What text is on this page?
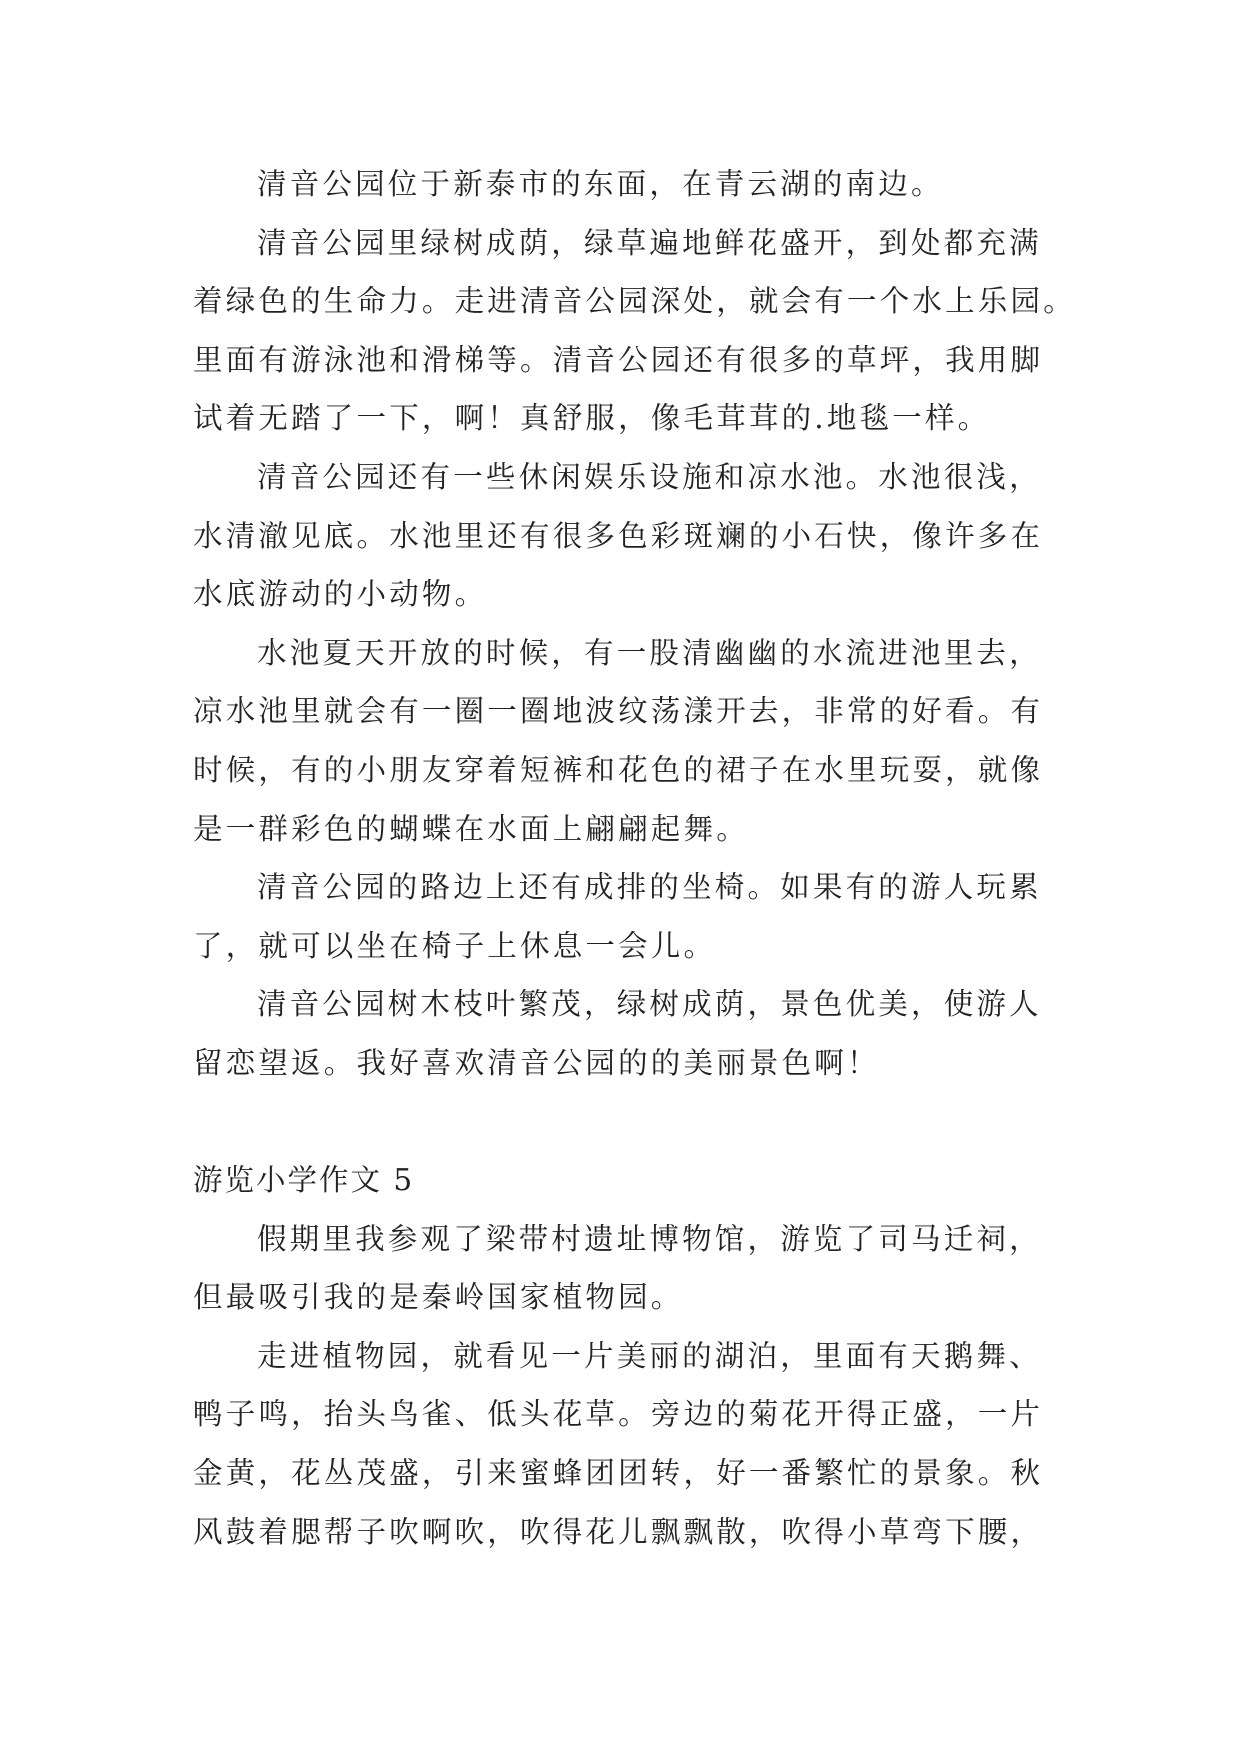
清音公园位于新泰市的东面，在青云湖的南边。
清音公园里绿树成荫，绿草遍地鲜花盛开，到处都充满
着绿色的生命力。走进清音公园深处，就会有一个水上乐园。
里面有游泳池和滑梯等。清音公园还有很多的草坪，我用脚
试着无踏了一下，啊！真舒服，像毛茸茸的.地毯一样。
清音公园还有一些休闲娱乐设施和凉水池。水池很浅，
水清澈见底。水池里还有很多色彩斑斓的小石快，像许多在
水底游动的小动物。
水池夏天开放的时候，有一股清幽幽的水流进池里去，
凉水池里就会有一圈一圈地波纹荡漾开去，非常的好看。有
时候，有的小朋友穿着短裤和花色的裙子在水里玩耍，就像
是一群彩色的蝴蝶在水面上翩翩起舞。
清音公园的路边上还有成排的坐椅。如果有的游人玩累
了，就可以坐在椅子上休息一会儿。
清音公园树木枝叶繁茂，绿树成荫，景色优美，使游人
留恋望返。我好喜欢清音公园的的美丽景色啊！
游览小学作文 5
假期里我参观了梁带村遗址博物馆，游览了司马迁祠，
但最吸引我的是秦岭国家植物园。
走进植物园，就看见一片美丽的湖泊，里面有天鹅舞、
鸭子鸣，抬头鸟雀、低头花草。旁边的菊花开得正盛，一片
金黄，花丛茂盛，引来蜜蜂团团转，好一番繁忙的景象。秋
风鼓着腮帮子吹啊吹，吹得花儿飘飘散，吹得小草弯下腰，
